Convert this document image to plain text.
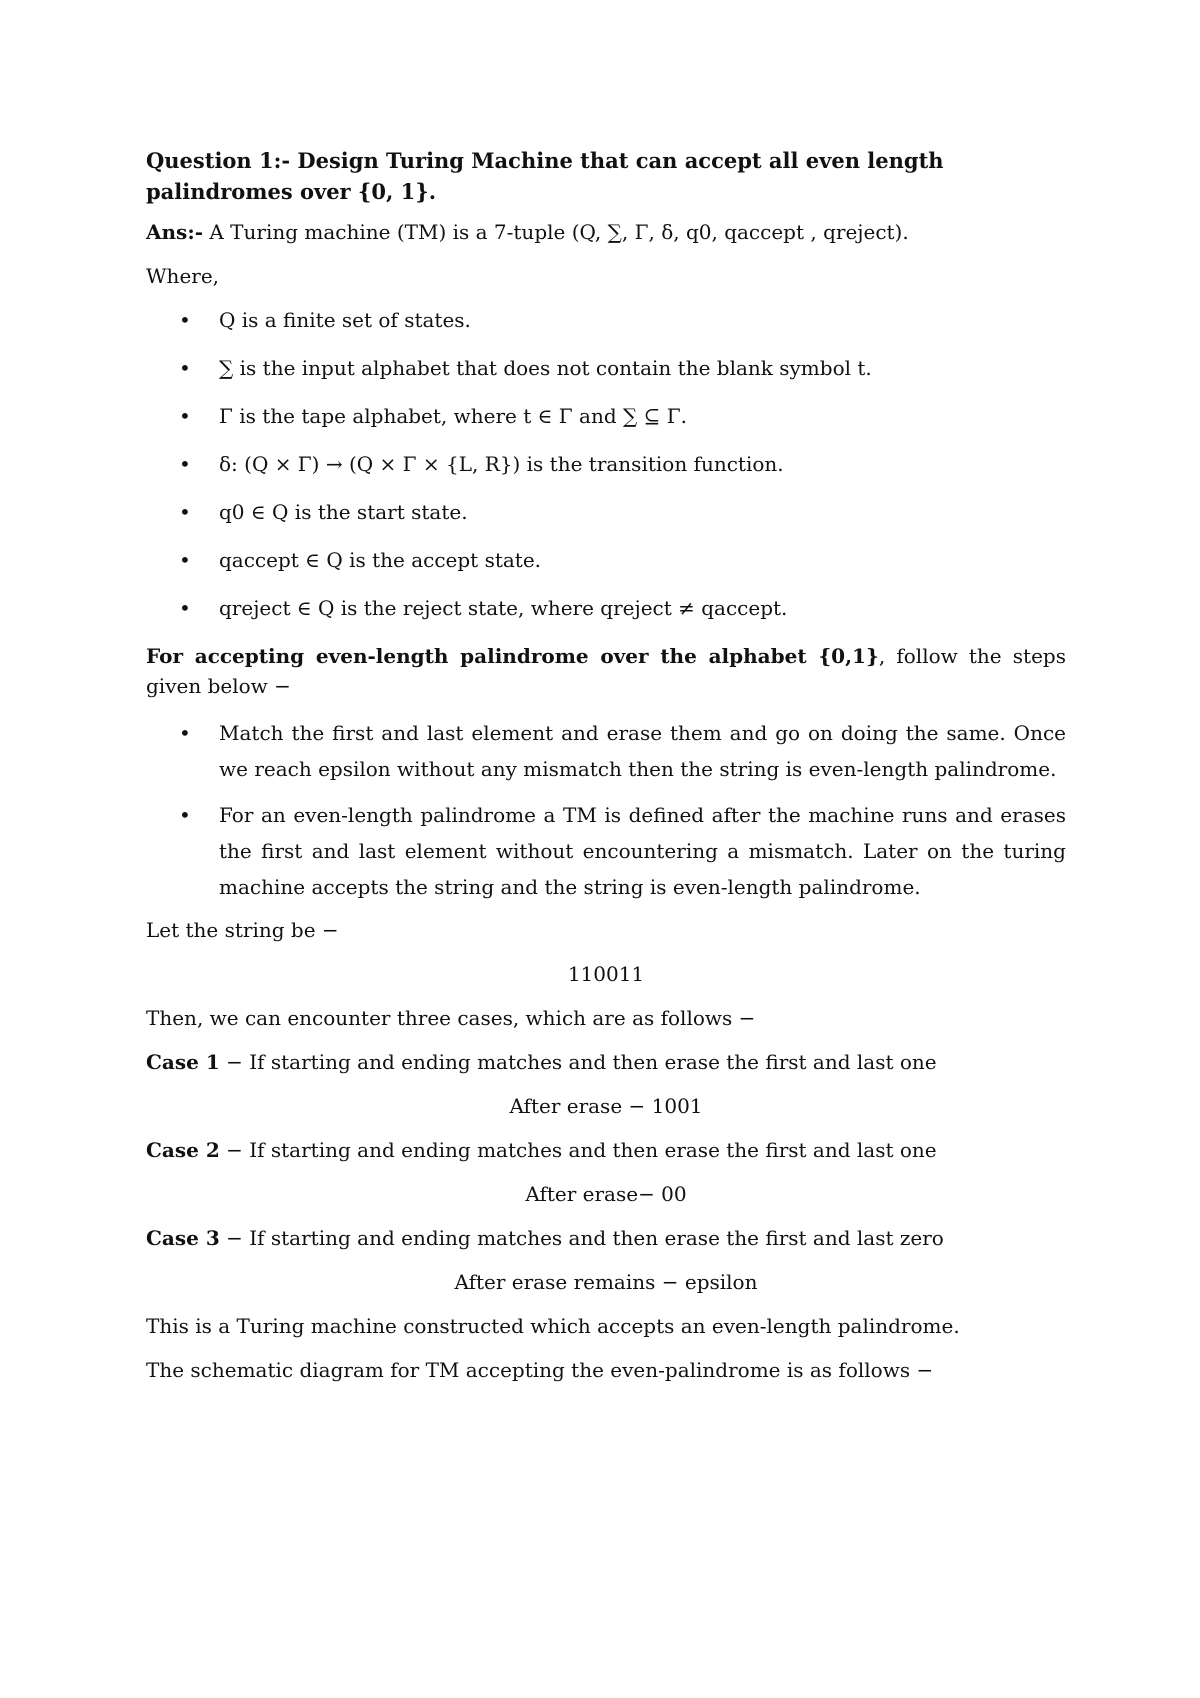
Question 1:- Design Turing Machine that can accept all even length palindromes over {0, 1}.

Ans:- A Turing machine (TM) is a 7-tuple (Q, ∑, Γ, δ, q0, qaccept , qreject).

Where,

• Q is a finite set of states.
• ∑ is the input alphabet that does not contain the blank symbol t.
• Γ is the tape alphabet, where t ∈ Γ and ∑ ⊆ Γ.
• δ: (Q × Γ) → (Q × Γ × {L, R}) is the transition function.
• q0 ∈ Q is the start state.
• qaccept ∈ Q is the accept state.
• qreject ∈ Q is the reject state, where qreject ≠ qaccept.

For accepting even-length palindrome over the alphabet {0,1}, follow the steps given below −

• Match the first and last element and erase them and go on doing the same. Once we reach epsilon without any mismatch then the string is even-length palindrome.
• For an even-length palindrome a TM is defined after the machine runs and erases the first and last element without encountering a mismatch. Later on the turing machine accepts the string and the string is even-length palindrome.

Let the string be −

110011

Then, we can encounter three cases, which are as follows −

Case 1 − If starting and ending matches and then erase the first and last one

After erase − 1001

Case 2 − If starting and ending matches and then erase the first and last one

After erase− 00

Case 3 − If starting and ending matches and then erase the first and last zero

After erase remains − epsilon

This is a Turing machine constructed which accepts an even-length palindrome.

The schematic diagram for TM accepting the even-palindrome is as follows −
